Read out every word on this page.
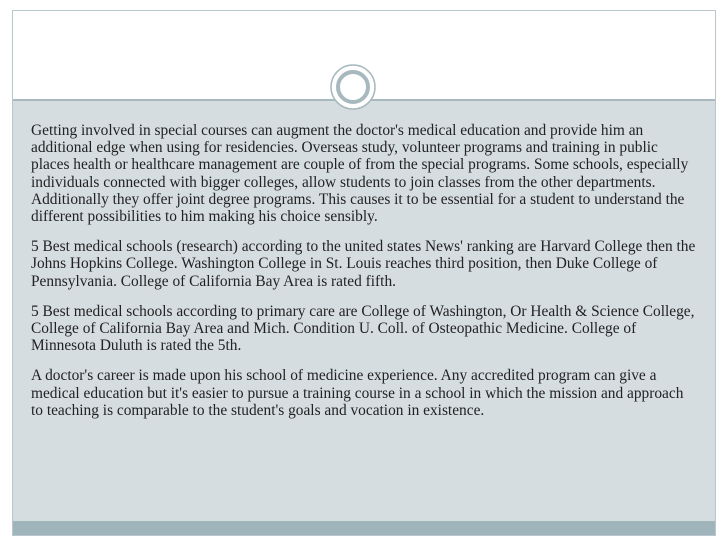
Getting involved in special courses can augment the doctor's medical education and provide him an additional edge when using for residencies. Overseas study, volunteer programs and training in public places health or healthcare management are couple of from the special programs. Some schools, especially individuals connected with bigger colleges, allow students to join classes from the other departments. Additionally they offer joint degree programs. This causes it to be essential for a student to understand the different possibilities to him making his choice sensibly.

5 Best medical schools (research) according to the united states News' ranking are Harvard College then the Johns Hopkins College. Washington College in St. Louis reaches third position, then Duke College of Pennsylvania. College of California Bay Area is rated fifth.

5 Best medical schools according to primary care are College of Washington, Or Health & Science College, College of California Bay Area and Mich. Condition U. Coll. of Osteopathic Medicine. College of Minnesota Duluth is rated the 5th.

A doctor's career is made upon his school of medicine experience. Any accredited program can give a medical education but it's easier to pursue a training course in a school in which the mission and approach to teaching is comparable to the student's goals and vocation in existence.
